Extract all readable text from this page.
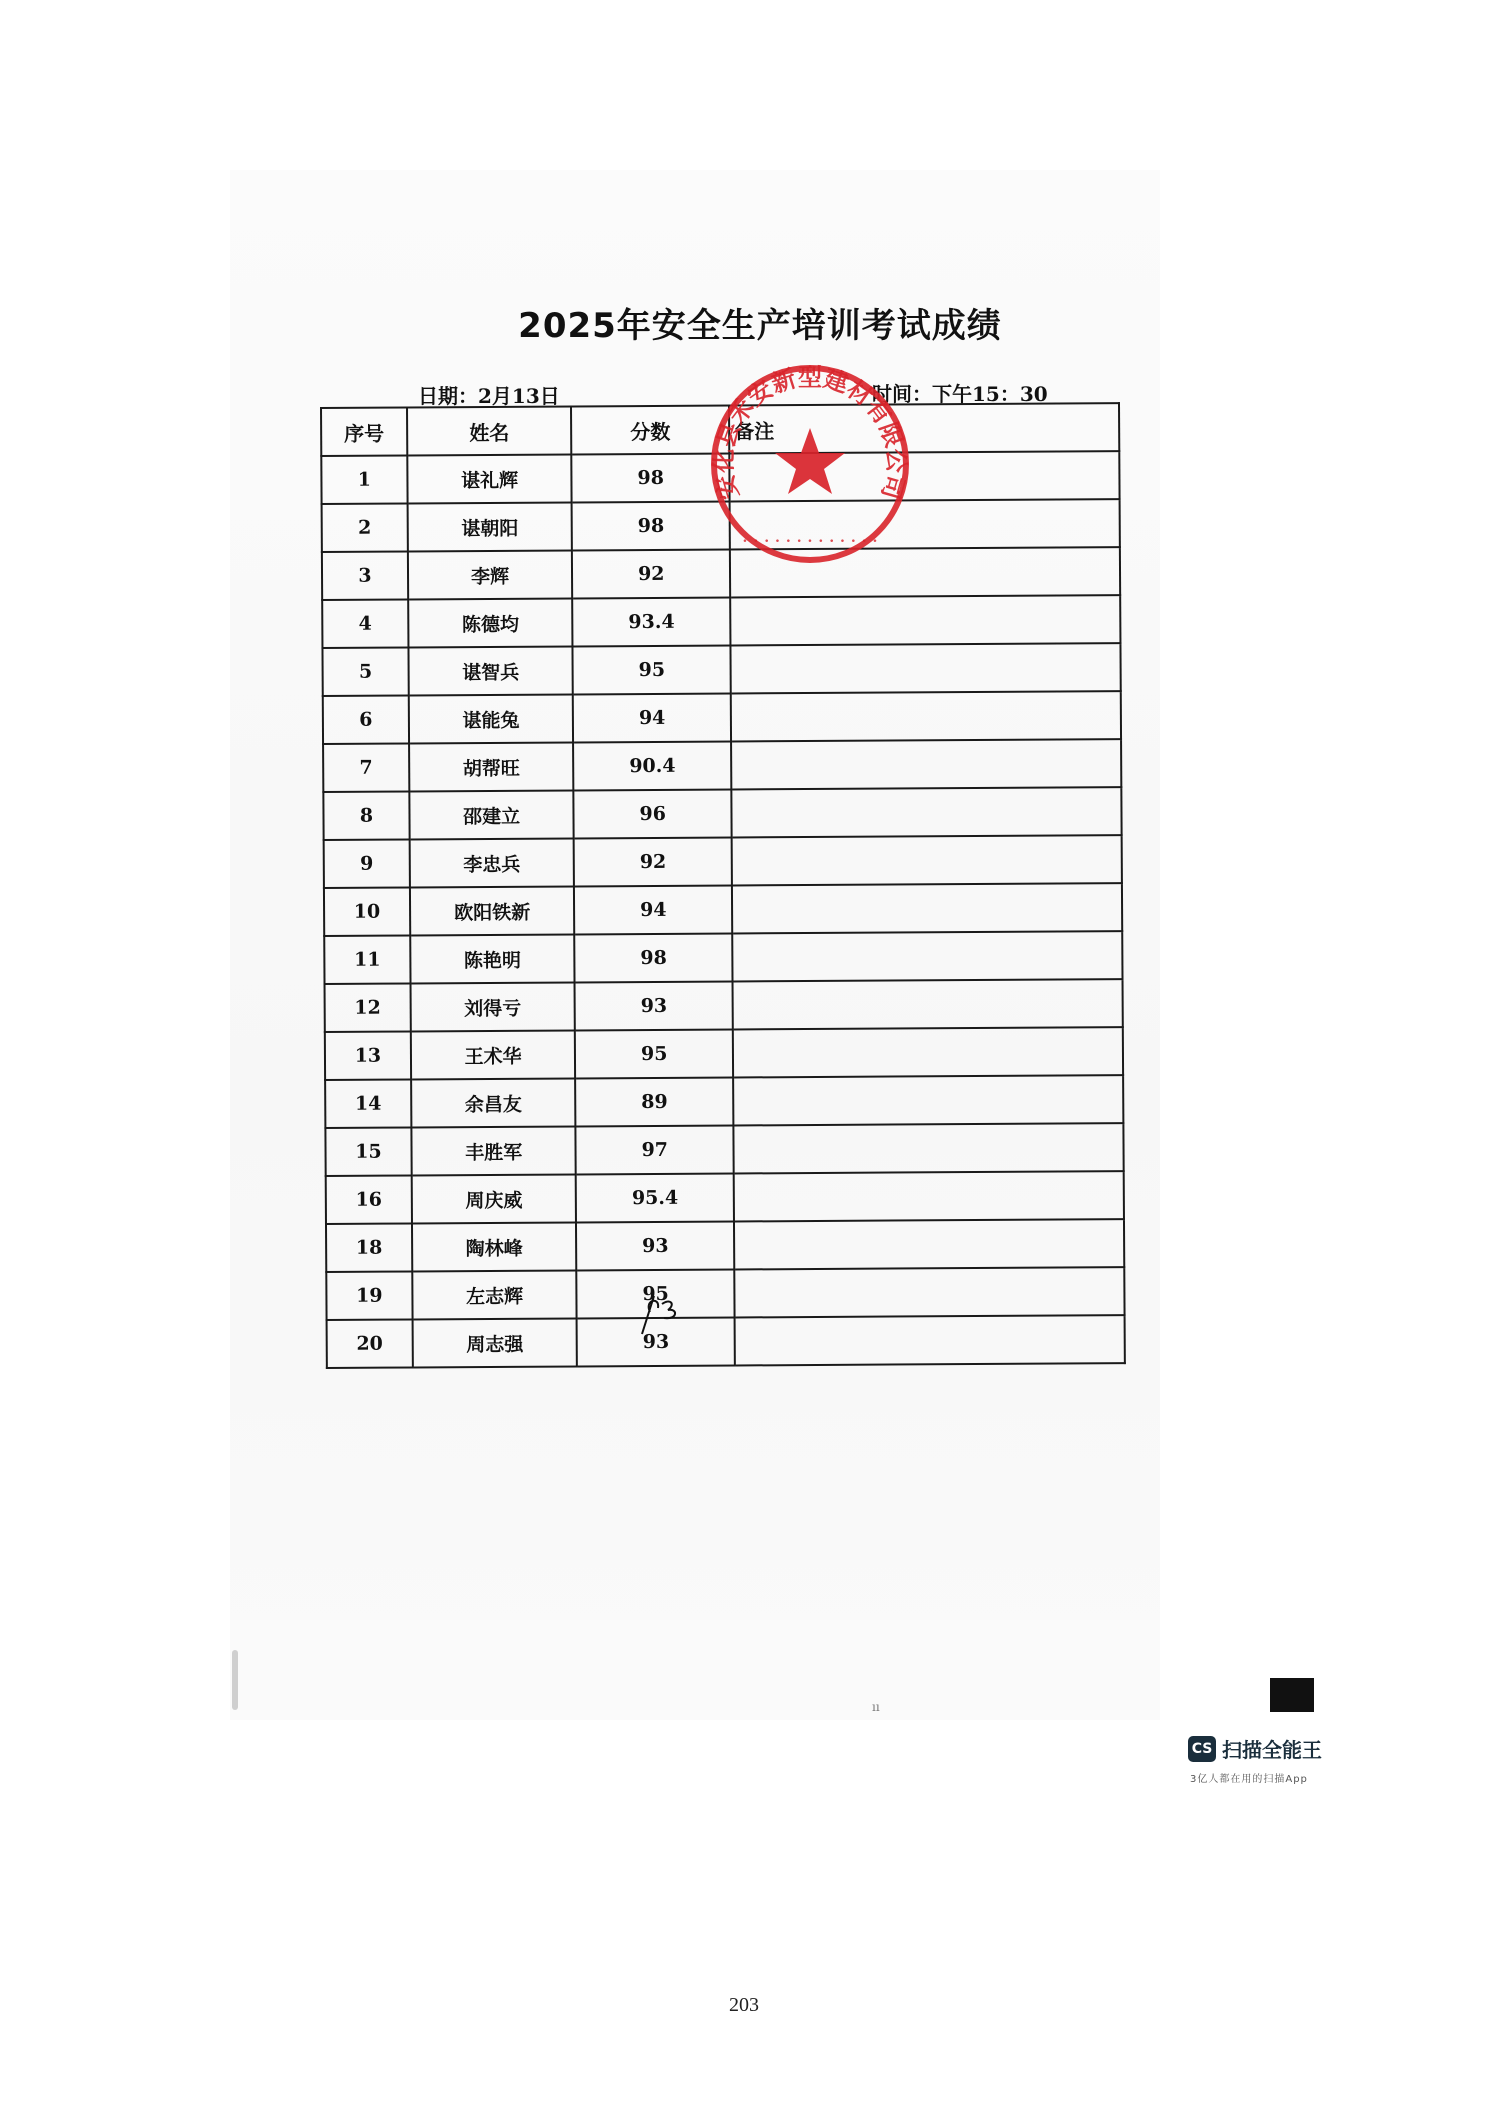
2025年安全生产培训考试成绩
日期：2月13日	时间：下午15：30
序号	姓名	分数	备注
1	谌礼辉	98	
2	谌朝阳	98	
3	李辉	92	
4	陈德均	93.4	
5	谌智兵	95	
6	谌能兔	94	
7	胡帮旺	90.4	
8	邵建立	96	
9	李忠兵	92	
10	欧阳铁新	94	
11	陈艳明	98	
12	刘得亏	93	
13	王术华	95	
14	余昌友	89	
15	丰胜军	97	
16	周庆威	95.4	
18	陶林峰	93	
19	左志辉	95	
20	周志强	93	
安化县禾安新型建材有限公司
• • • • • • • • • • • • •
203
ıı
CS 扫描全能王
3亿人都在用的扫描App
